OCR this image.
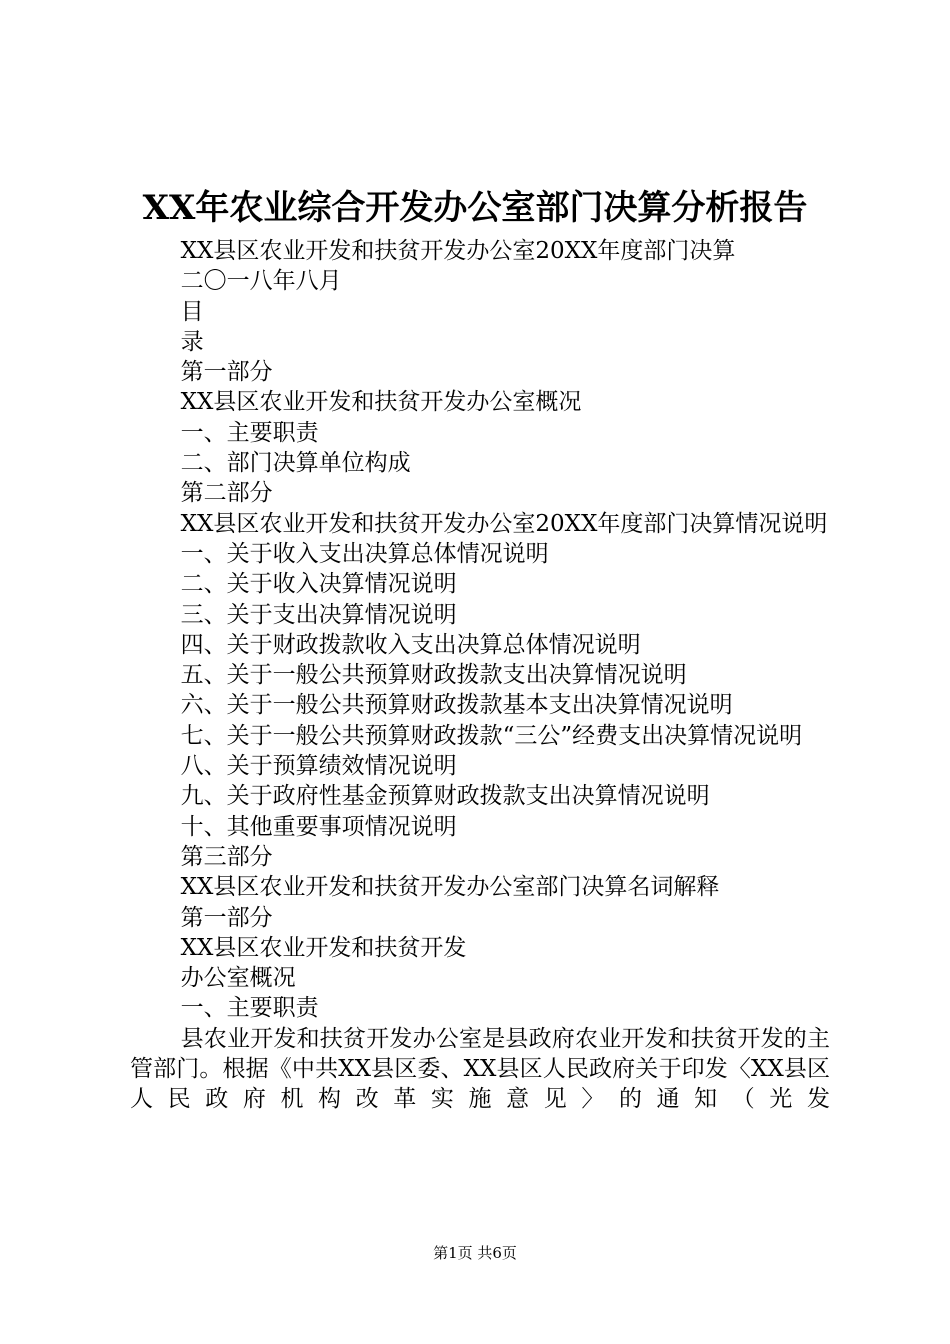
XX年农业综合开发办公室部门决算分析报告
XX县区农业开发和扶贫开发办公室20XX年度部门决算
二〇一八年八月
目
录
第一部分
XX县区农业开发和扶贫开发办公室概况
一、主要职责
二、部门决算单位构成
第二部分
XX县区农业开发和扶贫开发办公室20XX年度部门决算情况说明
一、关于收入支出决算总体情况说明
二、关于收入决算情况说明
三、关于支出决算情况说明
四、关于财政拨款收入支出决算总体情况说明
五、关于一般公共预算财政拨款支出决算情况说明
六、关于一般公共预算财政拨款基本支出决算情况说明
七、关于一般公共预算财政拨款“三公”经费支出决算情况说明
八、关于预算绩效情况说明
九、关于政府性基金预算财政拨款支出决算情况说明
十、其他重要事项情况说明
第三部分
XX县区农业开发和扶贫开发办公室部门决算名词解释
第一部分
XX县区农业开发和扶贫开发
办公室概况
一、主要职责
县农业开发和扶贫开发办公室是县政府农业开发和扶贫开发的主管部门。根据《中共XX县区委、XX县区人民政府关于印发〈XX县区人民政府机构改革实施意见〉的通知（光发
第1页 共6页
